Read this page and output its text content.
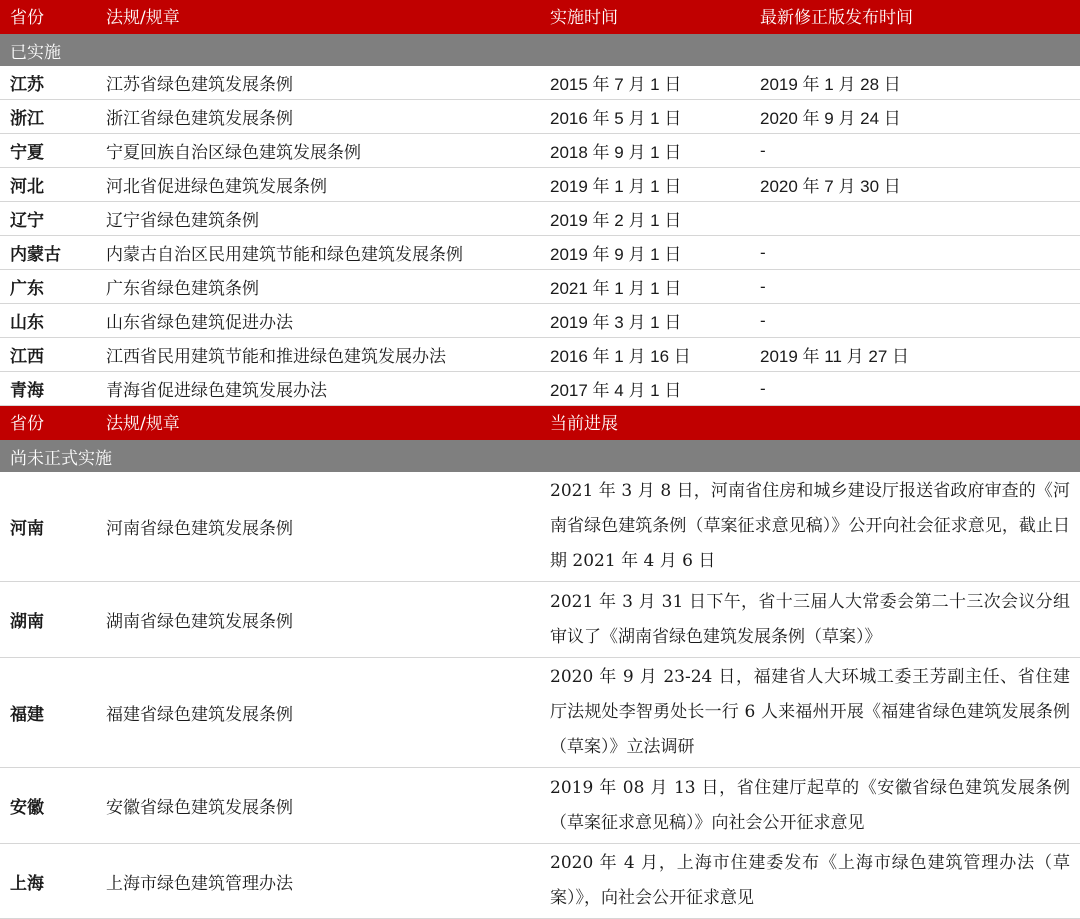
省份	法规/规章	实施时间	最新修正版发布时间
已实施			
江苏	江苏省绿色建筑发展条例	2015 年 7 月 1 日	2019 年 1 月 28 日
浙江	浙江省绿色建筑发展条例	2016 年 5 月 1 日	2020 年 9 月 24 日
宁夏	宁夏回族自治区绿色建筑发展条例	2018 年 9 月 1 日	-
河北	河北省促进绿色建筑发展条例	2019 年 1 月 1 日	2020 年 7 月 30 日
辽宁	辽宁省绿色建筑条例	2019 年 2 月 1 日	
内蒙古	内蒙古自治区民用建筑节能和绿色建筑发展条例	2019 年 9 月 1 日	-
广东	广东省绿色建筑条例	2021 年 1 月 1 日	-
山东	山东省绿色建筑促进办法	2019 年 3 月 1 日	-
江西	江西省民用建筑节能和推进绿色建筑发展办法	2016 年 1 月 16 日	2019 年 11 月 27 日
青海	青海省促进绿色建筑发展办法	2017 年 4 月 1 日	-
省份	法规/规章	当前进展	
尚未正式实施			
河南	河南省绿色建筑发展条例	2021 年 3 月 8 日，河南省住房和城乡建设厅报送省政府审查的《河南省绿色建筑条例（草案征求意见稿）》公开向社会征求意见，截止日期 2021 年 4 月 6 日	
湖南	湖南省绿色建筑发展条例	2021 年 3 月 31 日下午，省十三届人大常委会第二十三次会议分组审议了《湖南省绿色建筑发展条例（草案）》	
福建	福建省绿色建筑发展条例	2020 年 9 月 23-24 日，福建省人大环城工委王芳副主任、省住建厅法规处李智勇处长一行 6 人来福州开展《福建省绿色建筑发展条例（草案）》立法调研	
安徽	安徽省绿色建筑发展条例	2019 年 08 月 13 日，省住建厅起草的《安徽省绿色建筑发展条例（草案征求意见稿）》向社会公开征求意见	
上海	上海市绿色建筑管理办法	2020 年 4 月，上海市住建委发布《上海市绿色建筑管理办法（草案）》，向社会公开征求意见	
